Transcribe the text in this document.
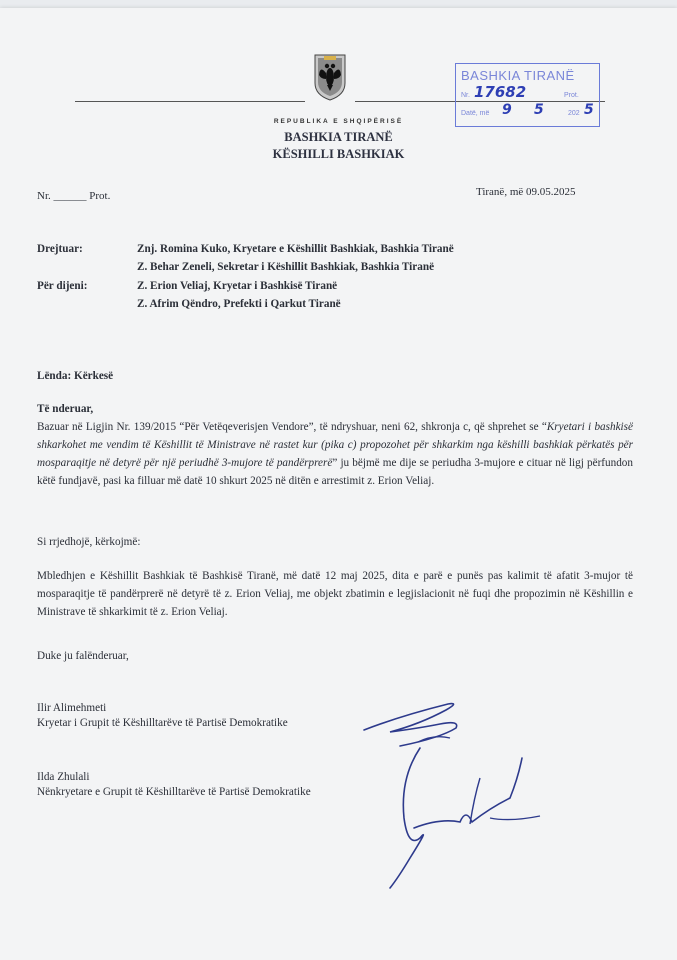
REPUBLIKA E SHQIPËRISË
BASHKIA TIRANË
KËSHILLI BASHKIAK
BASHKIA TIRANË
Nr. 17682	Prot.
Datë, më 9 5	202 5
Nr. ______ Prot.	Tiranë, më 09.05.2025
Drejtuar:	Znj. Romina Kuko, Kryetare e Këshillit Bashkiak, Bashkia Tiranë
Z. Behar Zeneli, Sekretar i Këshillit Bashkiak, Bashkia Tiranë
Për dijeni:	Z. Erion Veliaj, Kryetar i Bashkisë Tiranë
Z. Afrim Qëndro, Prefekti i Qarkut Tiranë
Lënda: Kërkesë
Të nderuar,
Bazuar në Ligjin Nr. 139/2015 “Për Vetëqeverisjen Vendore”, të ndryshuar, neni 62, shkronja c, që shprehet se “Kryetari i bashkisë shkarkohet me vendim të Këshillit të Ministrave në rastet kur (pika c) propozohet për shkarkim nga këshilli bashkiak përkatës për mosparaqitje në detyrë për një periudhë 3-mujore të pandërprerë” ju bëjmë me dije se periudha 3-mujore e cituar në ligj përfundon këtë fundjavë, pasi ka filluar më datë 10 shkurt 2025 në ditën e arrestimit z. Erion Veliaj.
Si rrjedhojë, kërkojmë:
Mbledhjen e Këshillit Bashkiak të Bashkisë Tiranë, më datë 12 maj 2025, dita e parë e punës pas kalimit të afatit 3-mujor të mosparaqitje të pandërprerë në detyrë të z. Erion Veliaj, me objekt zbatimin e legjislacionit në fuqi dhe propozimin në Këshillin e Ministrave të shkarkimit të z. Erion Veliaj.
Duke ju falënderuar,
Ilir Alimehmeti
Kryetar i Grupit të Këshilltarëve të Partisë Demokratike
Ilda Zhulali
Nënkryetare e Grupit të Këshilltarëve të Partisë Demokratike
